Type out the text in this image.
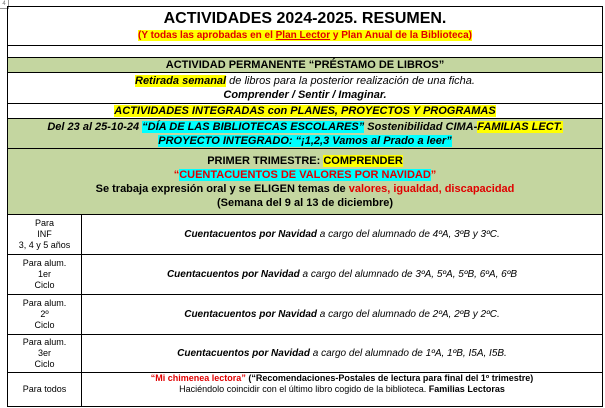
4
ACTIVIDADES 2024-2025. RESUMEN.
(Y todas las aprobadas en el Plan Lector y Plan Anual de la Biblioteca)	

ACTIVIDAD PERMANENTE “PRÉSTAMO DE LIBROS”	

Retirada semanal de libros para la posterior realización de una ficha.
Comprender / Sentir / Imaginar.	

ACTIVIDADES INTEGRADAS con PLANES, PROYECTOS Y PROGRAMAS	

Del 23 al 25-10-24 “DÍA DE LAS BIBLIOTECAS ESCOLARES” Sostenibilidad CIMA-FAMILIAS LECT.
PROYECTO INTEGRADO: “¡1,2,3 Vamos al Prado a leer”	

PRIMER TRIMESTRE: COMPRENDER
“CUENTACUENTOS DE VALORES POR NAVIDAD”
Se trabaja expresión oral y se ELIGEN temas de valores, igualdad, discapacidad
(Semana del 9 al 13 de diciembre)	

Para
INF
3, 4 y 5 años	Cuentacuentos por Navidad a cargo del alumnado de 4ºA, 3ºB y 3ºC.

Para alum.
1er
Ciclo	Cuentacuentos por Navidad a cargo del alumnado de 3ºA, 5ºA, 5ºB, 6ºA, 6ºB

Para alum.
2º
Ciclo	Cuentacuentos por Navidad a cargo del alumnado de 2ºA, 2ºB y 2ºC.

Para alum.
3er
Ciclo	Cuentacuentos por Navidad a cargo del alumnado de 1ºA, 1ºB, I5A, I5B.

Para todos	“Mi chimenea lectora” (“Recomendaciones-Postales de lectura para final del 1º trimestre)
Haciéndolo coincidir con el último libro cogido de la biblioteca. Familias Lectoras
